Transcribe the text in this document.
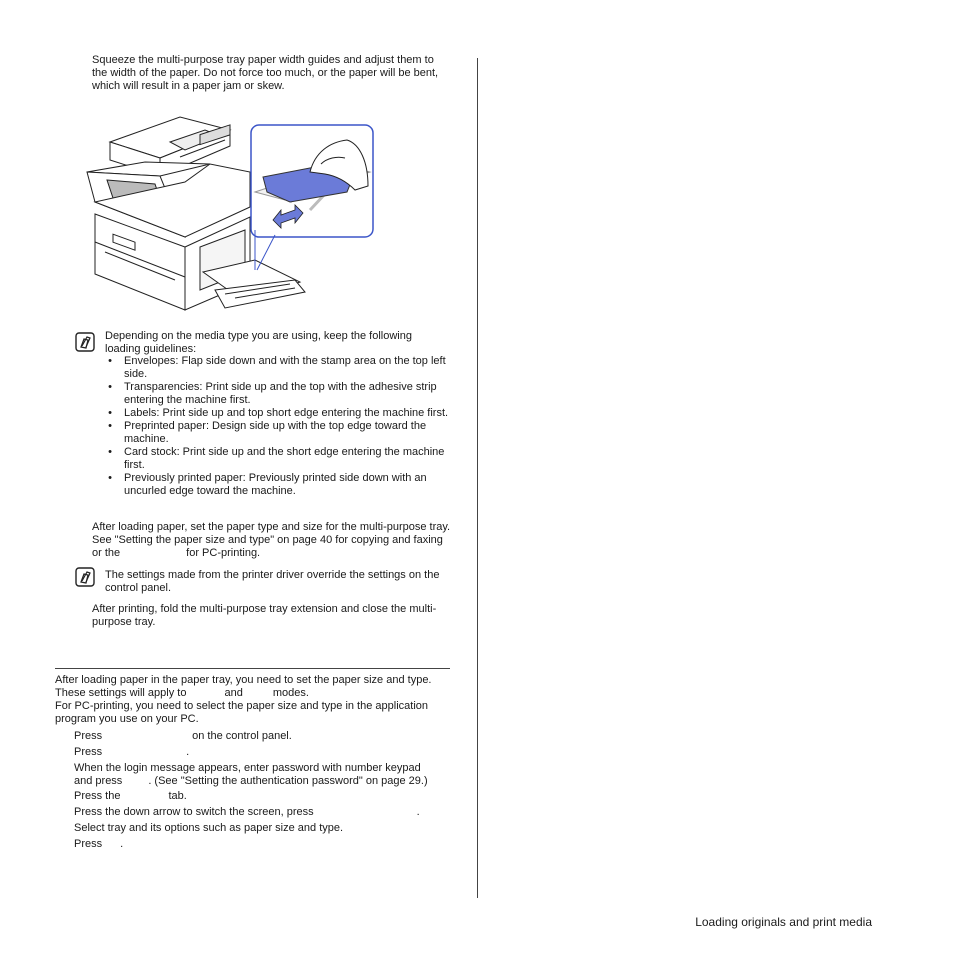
Squeeze the multi-purpose tray paper width guides and adjust them to the width of the paper. Do not force too much, or the paper will be bent, which will result in a paper jam or skew.
Depending on the media type you are using, keep the following loading guidelines:
• Envelopes: Flap side down and with the stamp area on the top left side.
• Transparencies: Print side up and the top with the adhesive strip entering the machine first.
• Labels: Print side up and top short edge entering the machine first.
• Preprinted paper: Design side up with the top edge toward the machine.
• Card stock: Print side up and the short edge entering the machine first.
• Previously printed paper: Previously printed side down with an uncurled edge toward the machine.
After loading paper, set the paper type and size for the multi-purpose tray. See "Setting the paper size and type" on page 40 for copying and faxing or the	for PC-printing.
The settings made from the printer driver override the settings on the control panel.
After printing, fold the multi-purpose tray extension and close the multi-purpose tray.
After loading paper in the paper tray, you need to set the paper size and type. These settings will apply to	and	modes.
For PC-printing, you need to select the paper size and type in the application program you use on your PC.
Press	on the control panel.
Press	.
When the login message appears, enter password with number keypad
and press . (See "Setting the authentication password" on page 29.)
Press the	tab.
Press the down arrow to switch the screen, press	.
Select tray and its options such as paper size and type.
Press .
Loading originals and print media
